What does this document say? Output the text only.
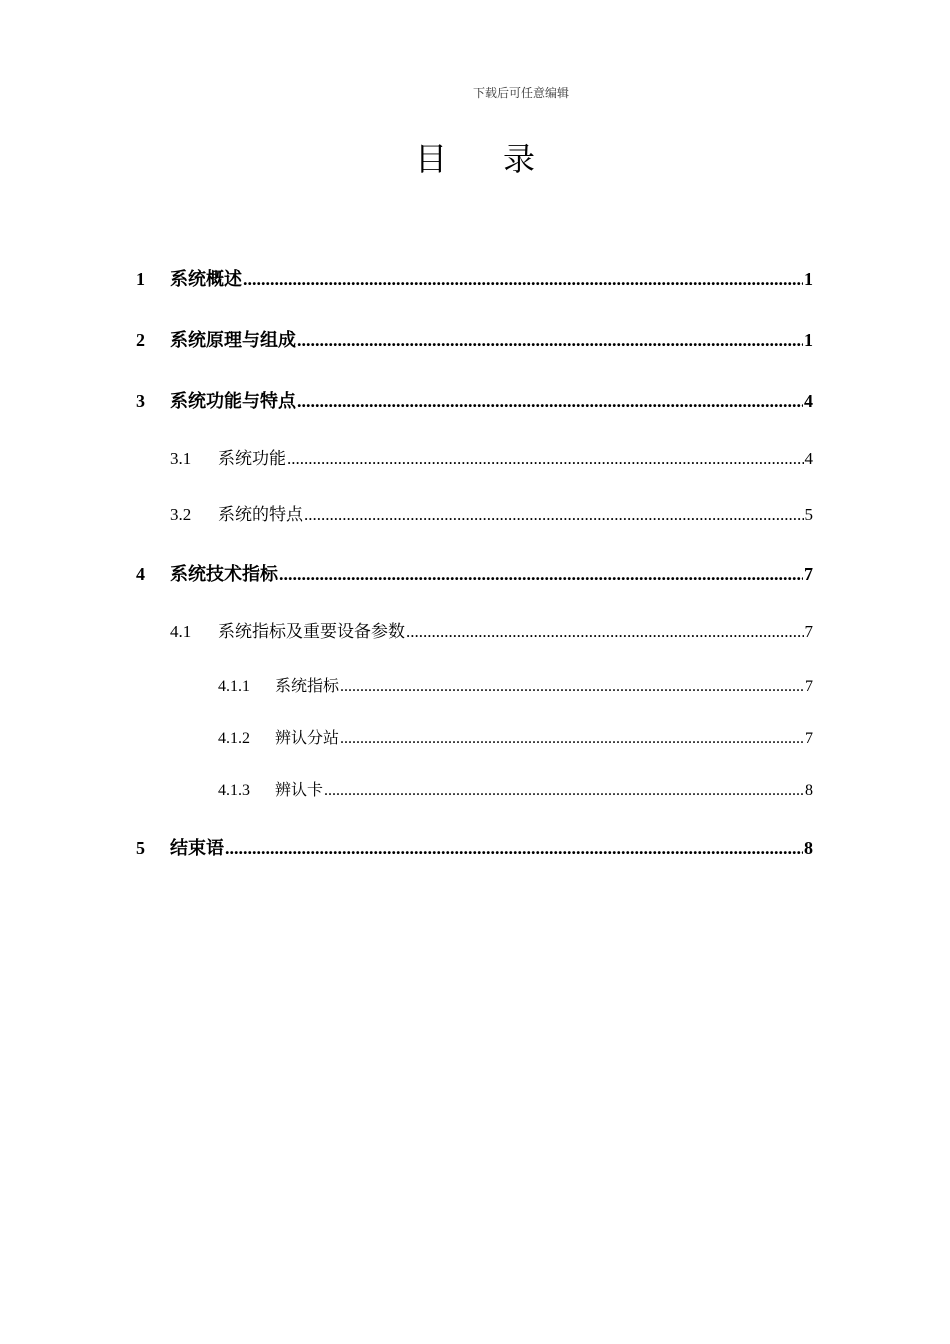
下载后可任意编辑
目 录
1	系统概述 .....	1
2	系统原理与组成 .....	1
3	系统功能与特点 .....	4
3.1	系统功能 .....	4
3.2	系统的特点 .....	5
4	系统技术指标 .....	7
4.1	系统指标及重要设备参数 .....	7
4.1.1	系统指标 .....	7
4.1.2	辨认分站 .....	7
4.1.3	辨认卡 .....	8
5	结束语 .....	8
